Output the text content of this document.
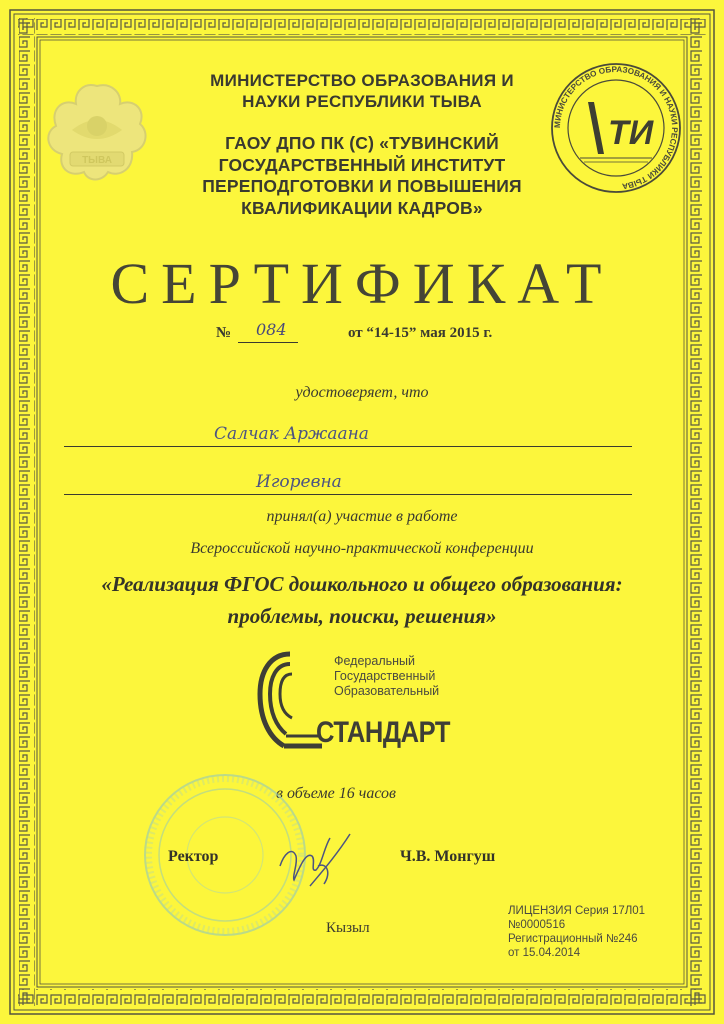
ТЫВА
МИНИСТЕРСТВО ОБРАЗОВАНИЯ И НАУКИ РЕСПУБЛИКИ ТЫВА
ТИ
МИНИСТЕРСТВО ОБРАЗОВАНИЯ И
НАУКИ РЕСПУБЛИКИ ТЫВА
ГАОУ ДПО ПК (С) «ТУВИНСКИЙ
ГОСУДАРСТВЕННЫЙ ИНСТИТУТ
ПЕРЕПОДГОТОВКИ И ПОВЫШЕНИЯ
КВАЛИФИКАЦИИ КАДРОВ»
СЕРТИФИКАТ
№ 084	от “14-15” мая 2015 г.
удостоверяет, что
Салчак Аржаана
Игоревна
принял(а) участие в работе
Всероссийской научно-практической конференции
«Реализация ФГОС дошкольного и общего образования:
проблемы, поиски, решения»
Федеральный
Государственный
Образовательный
СТАНДАРТ
в объеме 16 часов
Ректор	Ч.В. Монгуш
Кызыл
ЛИЦЕНЗИЯ Серия 17Л01
№0000516
Регистрационный №246
от 15.04.2014
